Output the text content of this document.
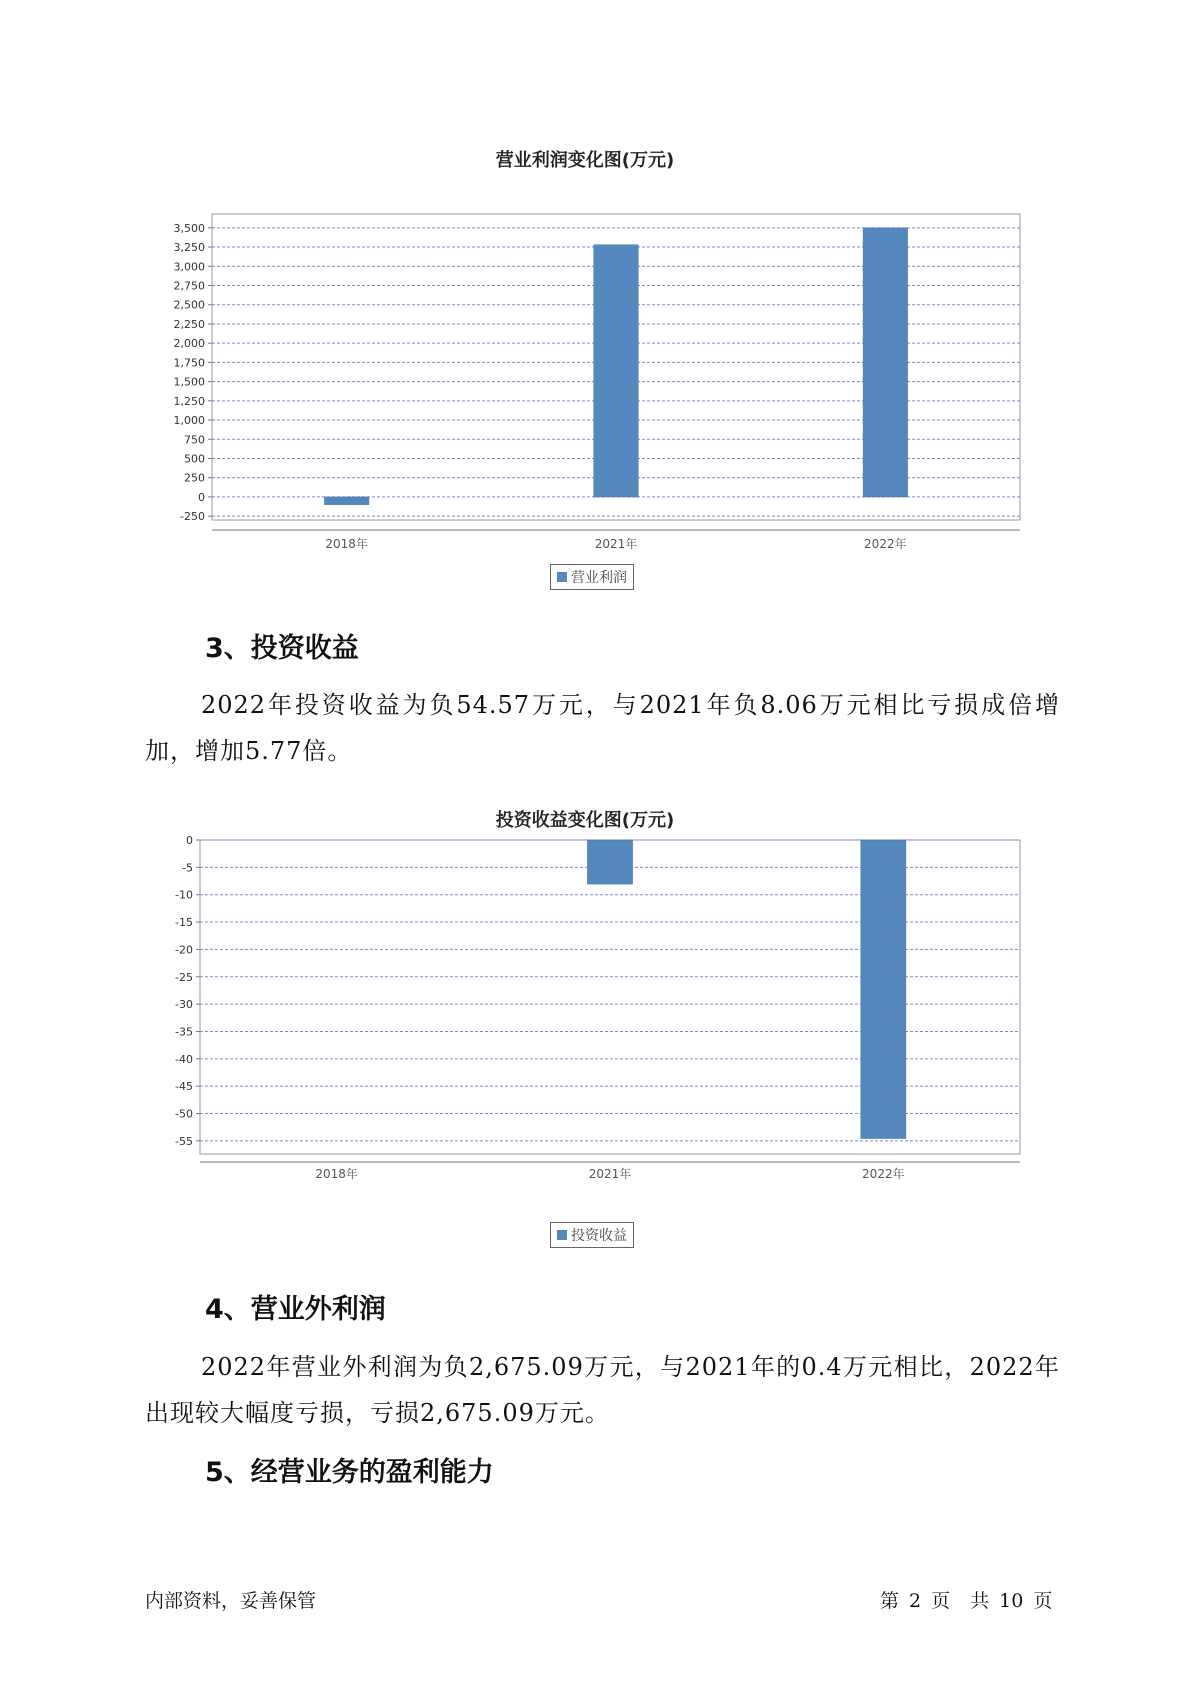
营业利润变化图(万元)
-250
0
250
500
750
1,000
1,250
1,500
1,750
2,000
2,250
2,500
2,750
3,000
3,250
3,500
2018年	2021年	2022年
营业利润
3、投资收益
2022年投资收益为负54.57万元，与2021年负8.06万元相比亏损成倍增加，增加5.77倍。
投资收益变化图(万元)
0
-5
-10
-15
-20
-25
-30
-35
-40
-45
-50
-55
2018年	2021年	2022年
投资收益
4、营业外利润
2022年营业外利润为负2,675.09万元，与2021年的0.4万元相比，2022年出现较大幅度亏损，亏损2,675.09万元。
5、经营业务的盈利能力
内部资料，妥善保管	第 2 页 共 10 页
